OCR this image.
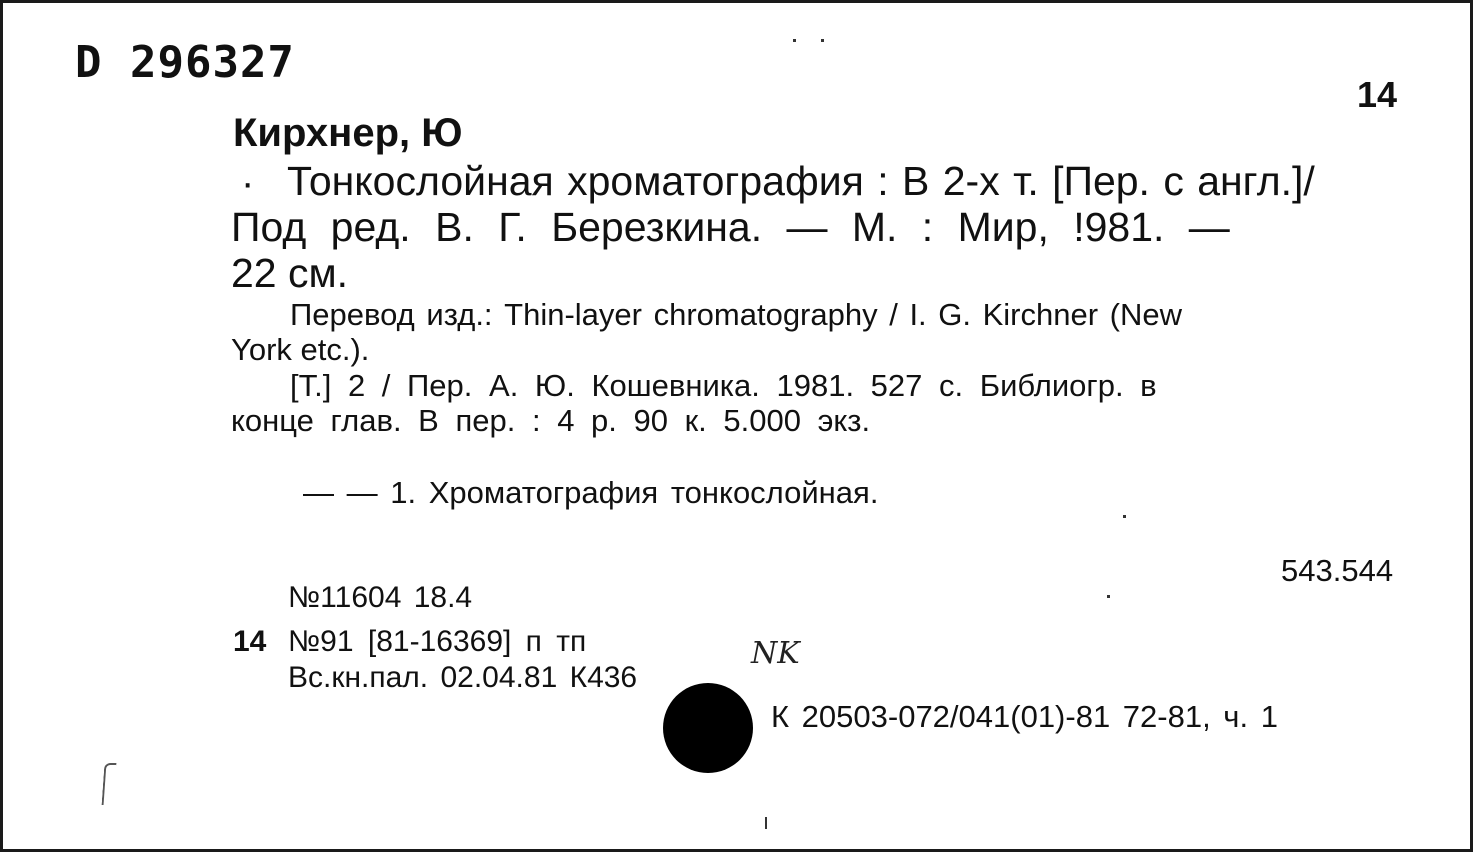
D 296327
14
Кирхнер, Ю
· Тонкослойная хроматография : В 2-х т. [Пер. с англ.]/
Под ред. В. Г. Березкина. — М. : Мир, !981. —
22 см.
Перевод изд.: Thin-layer chromatography / I. G. Kirchner (New
York etc.).
[Т.] 2 / Пер. А. Ю. Кошевника. 1981. 527 с. Библиогр. в
конце глав. В пер. : 4 р. 90 к. 5.000 экз.
— — 1. Хроматография тонкослойная.
543.544
№11604 18.4
14 №91 [81-16369] п тп
Вс.кн.пал. 02.04.81 К436
NK
К 20503-072/041(01)-81 72-81, ч. 1
